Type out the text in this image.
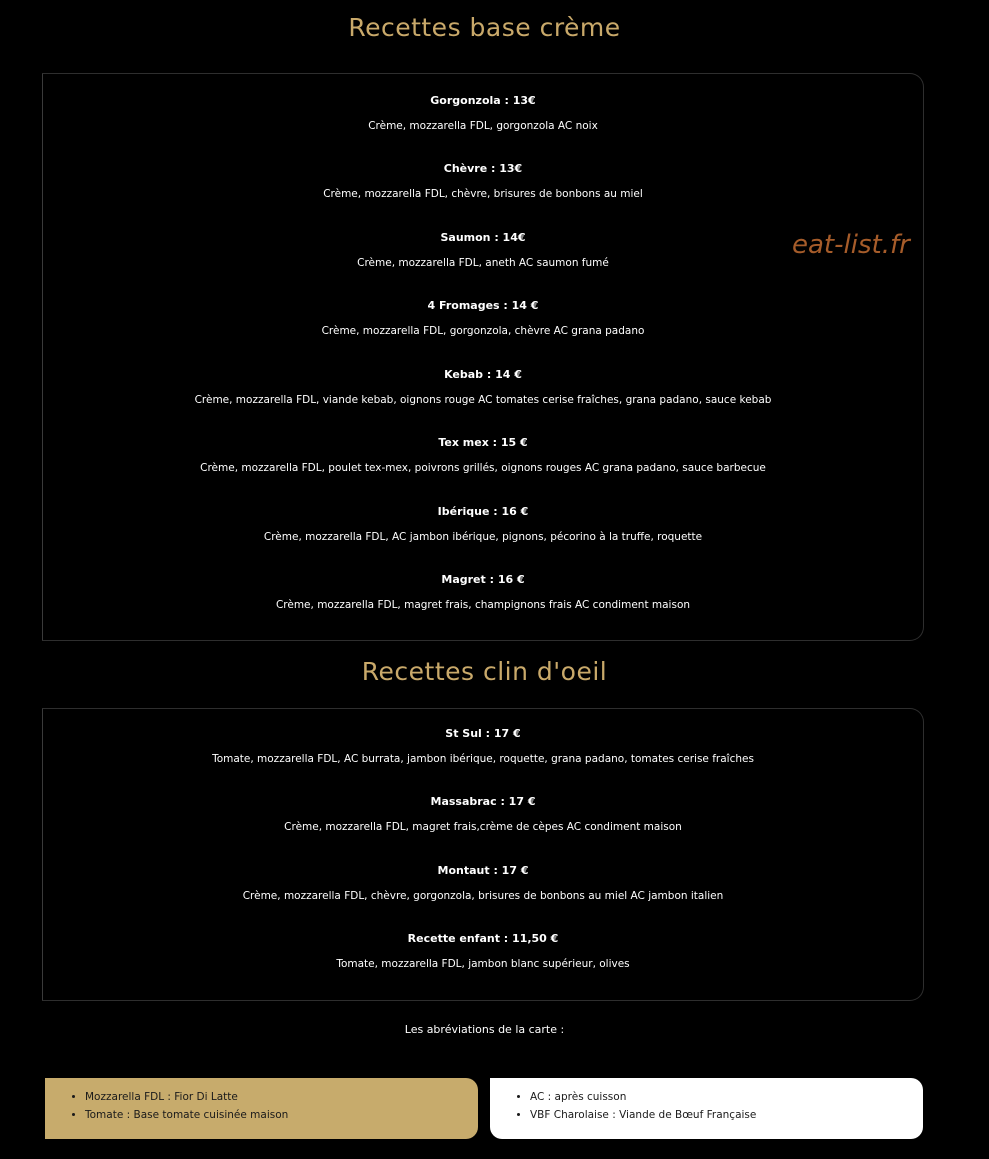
Recettes base crème
Gorgonzola : 13€
Crème, mozzarella FDL, gorgonzola AC noix
Chèvre : 13€
Crème, mozzarella FDL, chèvre, brisures de bonbons au miel
Saumon : 14€
Crème, mozzarella FDL, aneth AC saumon fumé
4 Fromages : 14 €
Crème, mozzarella FDL, gorgonzola, chèvre AC grana padano
Kebab : 14 €
Crème, mozzarella FDL, viande kebab, oignons rouge AC tomates cerise fraîches, grana padano, sauce kebab
Tex mex : 15 €
Crème, mozzarella FDL, poulet tex-mex, poivrons grillés, oignons rouges AC grana padano, sauce barbecue
Ibérique : 16 €
Crème, mozzarella FDL, AC jambon ibérique, pignons, pécorino à la truffe, roquette
Magret : 16 €
Crème, mozzarella FDL, magret frais, champignons frais AC condiment maison
eat-list.fr
Recettes clin d'oeil
St Sul : 17 €
Tomate, mozzarella FDL, AC burrata, jambon ibérique, roquette, grana padano, tomates cerise fraîches
Massabrac : 17 €
Crème, mozzarella FDL, magret frais,crème de cèpes AC condiment maison
Montaut : 17 €
Crème, mozzarella FDL, chèvre, gorgonzola, brisures de bonbons au miel AC jambon italien
Recette enfant : 11,50 €
Tomate, mozzarella FDL, jambon blanc supérieur, olives
Les abréviations de la carte :
• Mozzarella FDL : Fior Di Latte
• Tomate : Base tomate cuisinée maison
• AC : après cuisson
• VBF Charolaise : Viande de Bœuf Française
